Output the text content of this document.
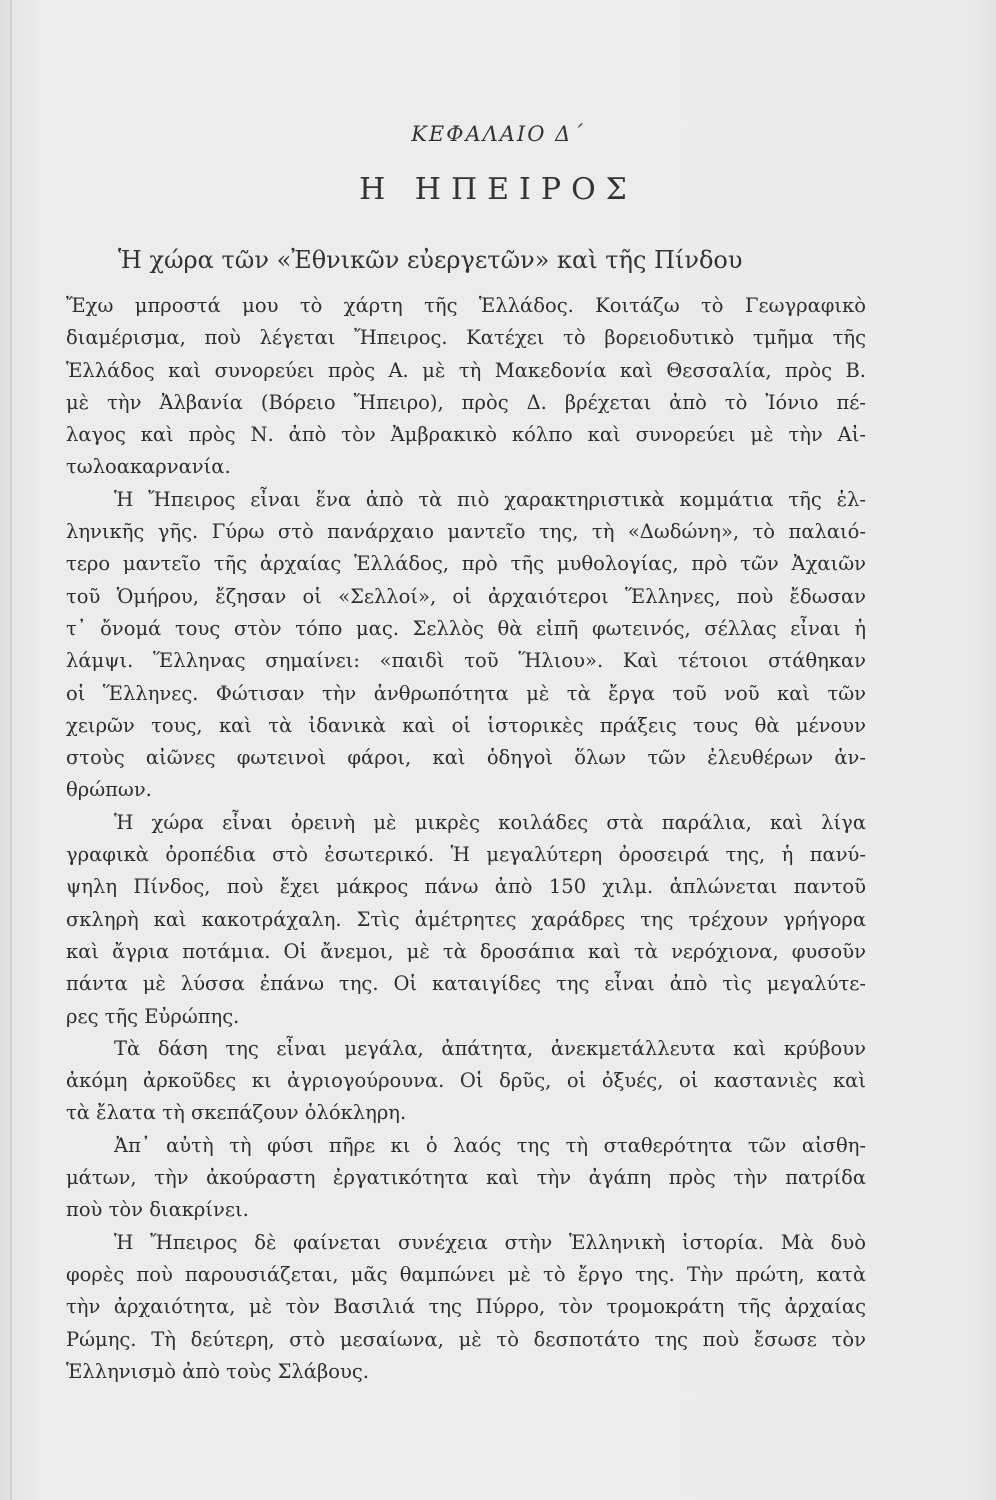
ΚΕΦΑΛΑΙΟ Δ΄
Η ΗΠΕΙΡΟΣ
Ἡ χώρα τῶν «Ἐθνικῶν εὐεργετῶν» καὶ τῆς Πίνδου
Ἔχω μπροστά μου τὸ χάρτη τῆς Ἑλλάδος. Κοιτάζω τὸ Γεωγραφικὸ
διαμέρισμα, ποὺ λέγεται Ἤπειρος. Κατέχει τὸ βορειοδυτικὸ τμῆμα τῆς
Ἑλλάδος καὶ συνορεύει πρὸς Α. μὲ τὴ Μακεδονία καὶ Θεσσαλία, πρὸς Β.
μὲ τὴν Ἀλβανία (Βόρειο Ἤπειρο), πρὸς Δ. βρέχεται ἀπὸ τὸ Ἰόνιο πέ-
λαγος καὶ πρὸς Ν. ἀπὸ τὸν Ἀμβρακικὸ κόλπο καὶ συνορεύει μὲ τὴν Αἰ-
τωλοακαρνανία.
Ἡ Ἤπειρος εἶναι ἕνα ἀπὸ τὰ πιὸ χαρακτηριστικὰ κομμάτια τῆς ἑλ-
ληνικῆς γῆς. Γύρω στὸ πανάρχαιο μαντεῖο της, τὴ «Δωδώνη», τὸ παλαιό-
τερο μαντεῖο τῆς ἀρχαίας Ἑλλάδος, πρὸ τῆς μυθολογίας, πρὸ τῶν Ἀχαιῶν
τοῦ Ὁμήρου, ἔζησαν οἱ «Σελλοί», οἱ ἀρχαιότεροι Ἕλληνες, ποὺ ἔδωσαν
τ᾿ ὄνομά τους στὸν τόπο μας. Σελλὸς θὰ εἰπῆ φωτεινός, σέλλας εἶναι ἡ
λάμψι. Ἕλληνας σημαίνει: «παιδὶ τοῦ Ἥλιου». Καὶ τέτοιοι στάθηκαν
οἱ Ἕλληνες. Φώτισαν τὴν ἀνθρωπότητα μὲ τὰ ἔργα τοῦ νοῦ καὶ τῶν
χειρῶν τους, καὶ τὰ ἰδανικὰ καὶ οἱ ἱστορικὲς πράξεις τους θὰ μένουν
στοὺς αἰῶνες φωτεινοὶ φάροι, καὶ ὁδηγοὶ ὅλων τῶν ἐλευθέρων ἀν-
θρώπων.
Ἡ χώρα εἶναι ὀρεινὴ μὲ μικρὲς κοιλάδες στὰ παράλια, καὶ λίγα
γραφικὰ ὀροπέδια στὸ ἐσωτερικό. Ἡ μεγαλύτερη ὀροσειρά της, ἡ πανύ-
ψηλη Πίνδος, ποὺ ἔχει μάκρος πάνω ἀπὸ 150 χιλμ. ἁπλώνεται παντοῦ
σκληρὴ καὶ κακοτράχαλη. Στὶς ἀμέτρητες χαράδρες της τρέχουν γρήγορα
καὶ ἄγρια ποτάμια. Οἱ ἄνεμοι, μὲ τὰ δροσάπια καὶ τὰ νερόχιονα, φυσοῦν
πάντα μὲ λύσσα ἐπάνω της. Οἱ καταιγίδες της εἶναι ἀπὸ τὶς μεγαλύτε-
ρες τῆς Εὐρώπης.
Τὰ δάση της εἶναι μεγάλα, ἀπάτητα, ἀνεκμετάλλευτα καὶ κρύβουν
ἀκόμη ἀρκοῦδες κι ἀγριογούρουνα. Οἱ δρῦς, οἱ ὀξυές, οἱ καστανιὲς καὶ
τὰ ἔλατα τὴ σκεπάζουν ὁλόκληρη.
Ἀπ᾿ αὐτὴ τὴ φύσι πῆρε κι ὁ λαός της τὴ σταθερότητα τῶν αἰσθη-
μάτων, τὴν ἀκούραστη ἐργατικότητα καὶ τὴν ἀγάπη πρὸς τὴν πατρίδα
ποὺ τὸν διακρίνει.
Ἡ Ἤπειρος δὲ φαίνεται συνέχεια στὴν Ἑλληνικὴ ἱστορία. Μὰ δυὸ
φορὲς ποὺ παρουσιάζεται, μᾶς θαμπώνει μὲ τὸ ἔργο της. Τὴν πρώτη, κατὰ
τὴν ἀρχαιότητα, μὲ τὸν Βασιλιά της Πύρρο, τὸν τρομοκράτη τῆς ἀρχαίας
Ρώμης. Τὴ δεύτερη, στὸ μεσαίωνα, μὲ τὸ δεσποτάτο της ποὺ ἔσωσε τὸν
Ἑλληνισμὸ ἀπὸ τοὺς Σλάβους.
